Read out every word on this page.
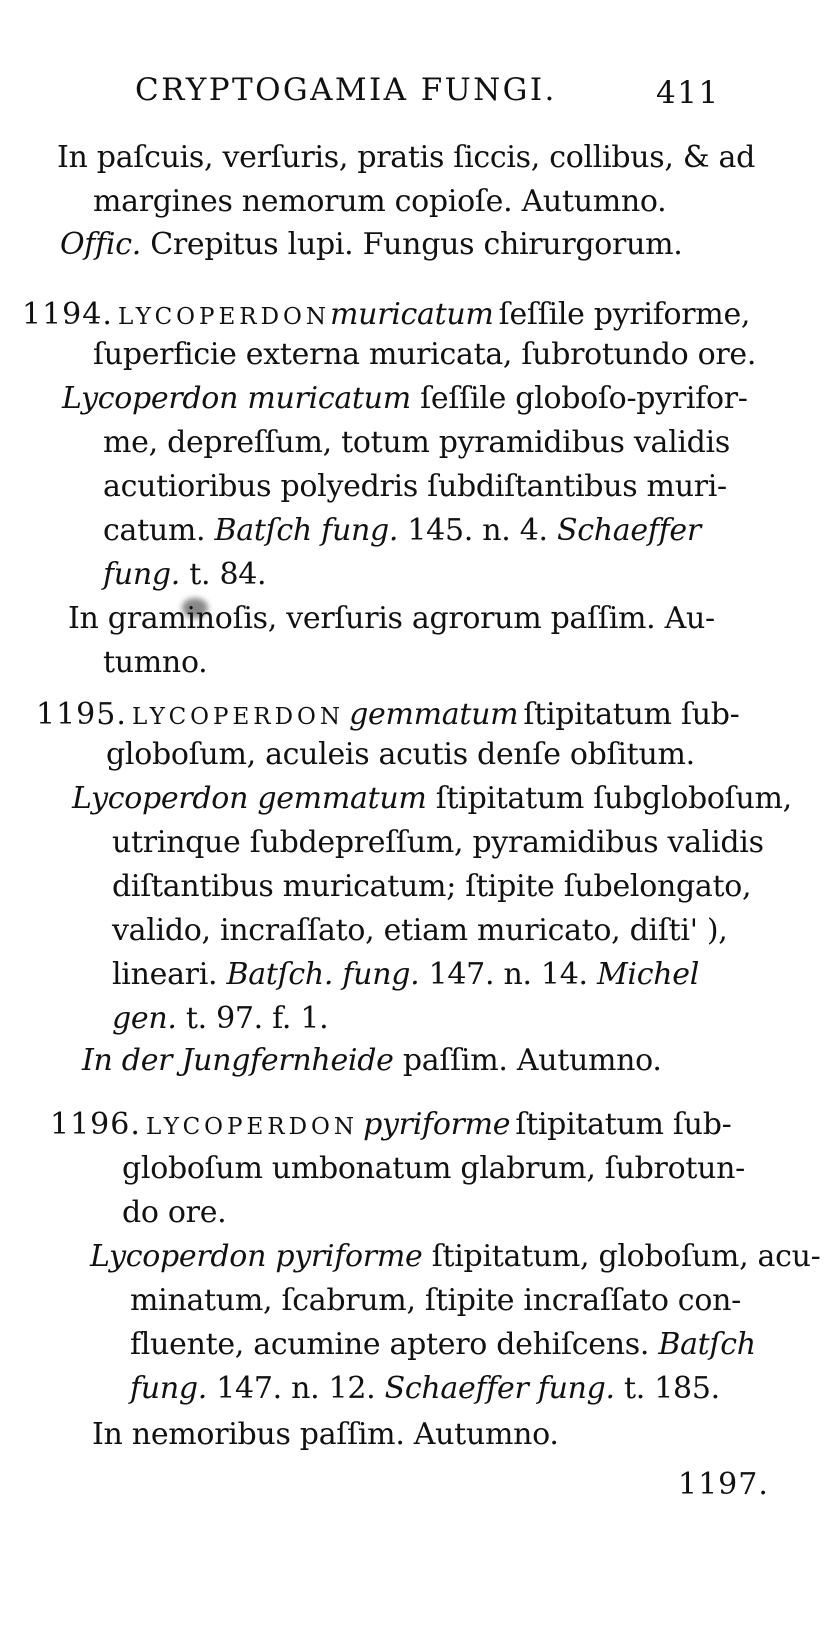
CRYPTOGAMIA FUNGI.	411
In paſcuis, verſuris, pratis ſiccis, collibus, & ad
margines nemorum copioſe. Autumno.
Offic. Crepitus lupi. Fungus chirurgorum.
1194. LYCOPERDONmuricatum ſeſſile pyriforme,
ſuperficie externa muricata, ſubrotundo ore.
Lycoperdon muricatum ſeſſile globoſo-pyrifor-
me, depreſſum, totum pyramidibus validis
acutioribus polyedris ſubdiſtantibus muri-
catum. Batſch fung. 145. n. 4. Schaeffer
fung. t. 84.
In graminoſis, verſuris agrorum paſſim. Au-
tumno.
1195. LYCOPERDON gemmatum ſtipitatum ſub-
globoſum, aculeis acutis denſe obſitum.
Lycoperdon gemmatum ſtipitatum ſubgloboſum,
utrinque ſubdepreſſum, pyramidibus validis
diſtantibus muricatum; ſtipite ſubelongato,
valido, incraſſato, etiam muricato, diſti' ),
lineari. Batſch. fung. 147. n. 14. Michel
gen. t. 97. f. 1.
In der Jungfernheide paſſim. Autumno.
1196. LYCOPERDON pyriforme ſtipitatum ſub-
globoſum umbonatum glabrum, ſubrotun-
do ore.
Lycoperdon pyriforme ſtipitatum, globoſum, acu-
minatum, ſcabrum, ſtipite incraſſato con-
fluente, acumine aptero dehiſcens. Batſch
fung. 147. n. 12. Schaeffer fung. t. 185.
In nemoribus paſſim. Autumno.
1197.
